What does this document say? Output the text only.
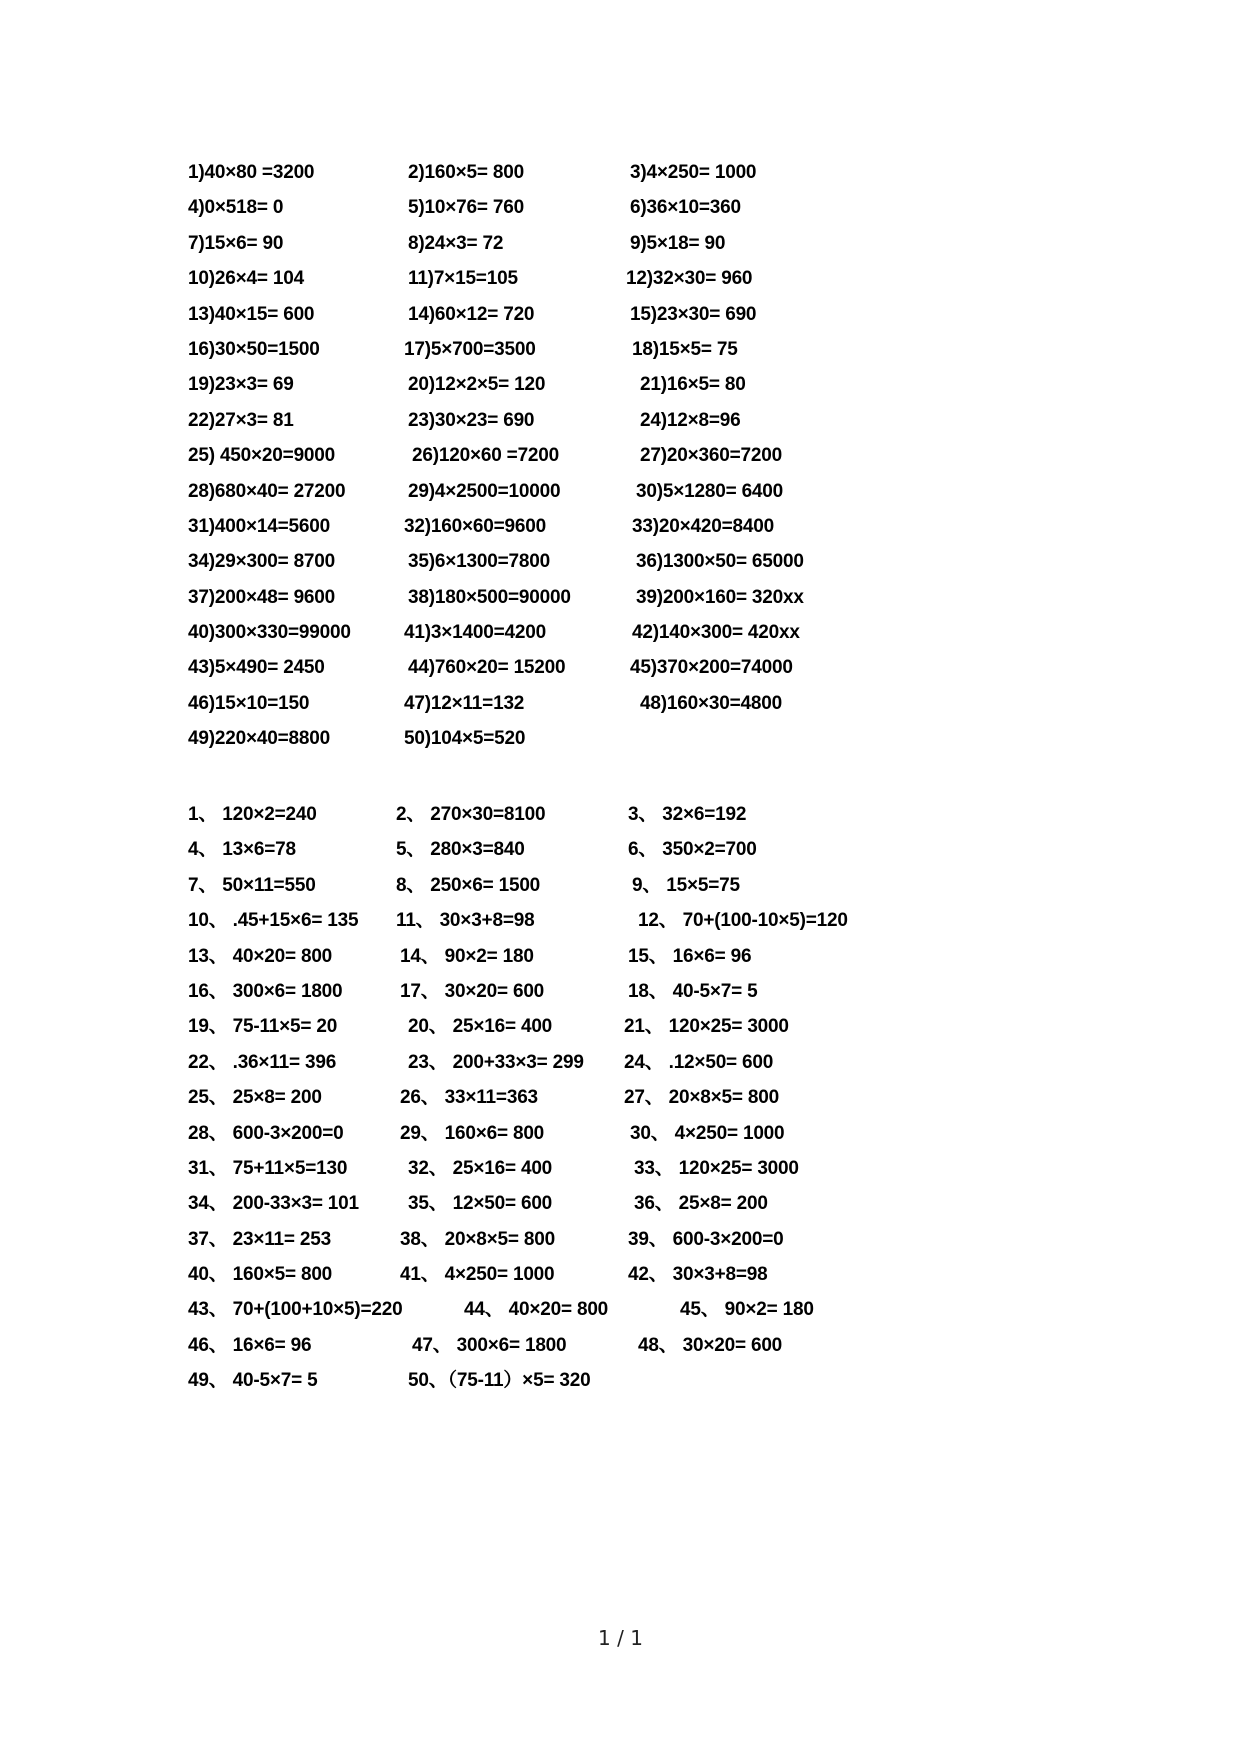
1)40×80 =3200	2)160×5= 800	3)4×250= 1000
4)0×518= 0	5)10×76= 760	6)36×10=360
7)15×6= 90	8)24×3= 72	9)5×18= 90
10)26×4= 104	11)7×15=105	12)32×30= 960
13)40×15= 600	14)60×12= 720	15)23×30= 690
16)30×50=1500	17)5×700=3500	18)15×5= 75
19)23×3= 69	20)12×2×5= 120	21)16×5= 80
22)27×3= 81	23)30×23= 690	24)12×8=96
25) 450×20=9000	26)120×60 =7200	27)20×360=7200
28)680×40= 27200	29)4×2500=10000	30)5×1280= 6400
31)400×14=5600	32)160×60=9600	33)20×420=8400
34)29×300= 8700	35)6×1300=7800	36)1300×50= 65000
37)200×48= 9600	38)180×500=90000	39)200×160= 320xx
40)300×330=99000	41)3×1400=4200	42)140×300= 420xx
43)5×490= 2450	44)760×20= 15200	45)370×200=74000
46)15×10=150	47)12×11=132	48)160×30=4800
49)220×40=8800	50)104×5=520
1、 120×2=240	2、 270×30=8100	3、 32×6=192
4、 13×6=78	5、 280×3=840	6、 350×2=700
7、 50×11=550	8、 250×6= 1500	9、 15×5=75
10、 .45+15×6= 135 11、 30×3+8=98	12、 70+(100-10×5)=120
13、 40×20= 800	14、 90×2= 180	15、 16×6= 96
16、 300×6= 1800	17、 30×20= 600	18、 40-5×7= 5
19、 75-11×5= 20	20、 25×16= 400	21、 120×25= 3000
22、 .36×11= 396	23、 200+33×3= 299 24、 .12×50= 600
25、 25×8= 200	26、 33×11=363	27、 20×8×5= 800
28、 600-3×200=0	29、 160×6= 800	30、 4×250= 1000
31、 75+11×5=130	32、 25×16= 400	33、 120×25= 3000
34、 200-33×3= 101	35、 12×50= 600	36、 25×8= 200
37、 23×11= 253	38、 20×8×5= 800	39、 600-3×200=0
40、 160×5= 800	41、 4×250= 1000	42、 30×3+8=98
43、 70+(100+10×5)=220	44、 40×20= 800	45、 90×2= 180
46、 16×6= 96	47、 300×6= 1800	48、 30×20= 600
49、 40-5×7= 5	50、（75-11）×5= 320
1 / 1
